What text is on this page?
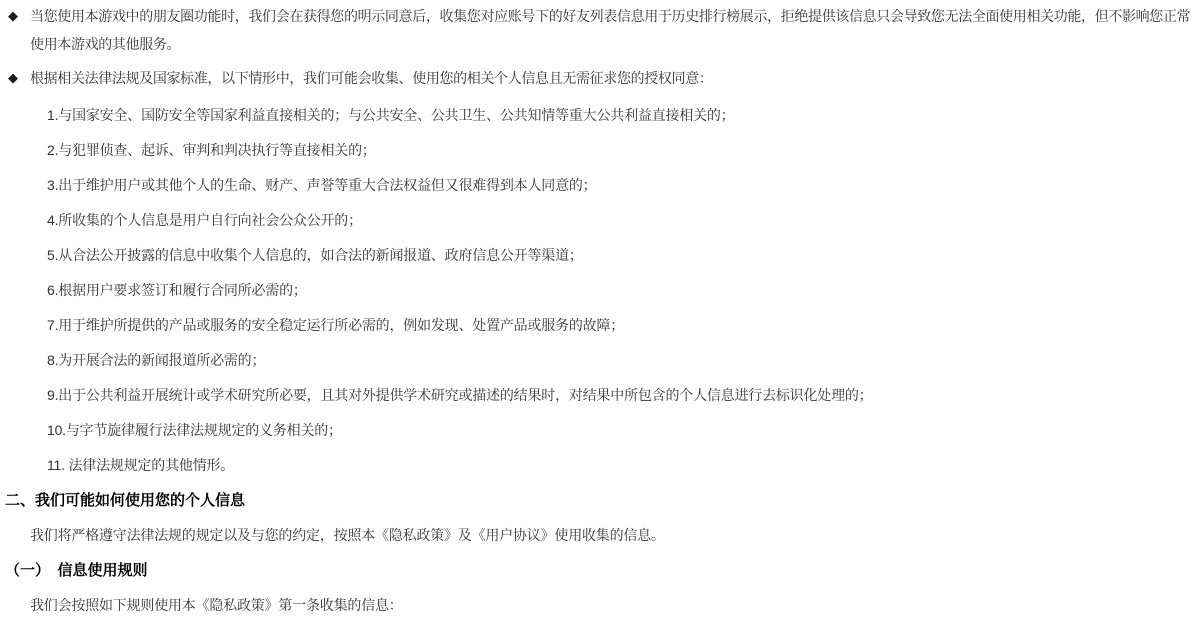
◆ 当您使用本游戏中的朋友圈功能时，我们会在获得您的明示同意后，收集您对应账号下的好友列表信息用于历史排行榜展示，拒绝提供该信息只会导致您无法全面使用相关功能，但不影响您正常使用本游戏的其他服务。
◆ 根据相关法律法规及国家标准，以下情形中，我们可能会收集、使用您的相关个人信息且无需征求您的授权同意：
1.与国家安全、国防安全等国家利益直接相关的；与公共安全、公共卫生、公共知情等重大公共利益直接相关的；
2.与犯罪侦查、起诉、审判和判决执行等直接相关的；
3.出于维护用户或其他个人的生命、财产、声誉等重大合法权益但又很难得到本人同意的；
4.所收集的个人信息是用户自行向社会公众公开的；
5.从合法公开披露的信息中收集个人信息的，如合法的新闻报道、政府信息公开等渠道；
6.根据用户要求签订和履行合同所必需的；
7.用于维护所提供的产品或服务的安全稳定运行所必需的，例如发现、处置产品或服务的故障；
8.为开展合法的新闻报道所必需的；
9.出于公共利益开展统计或学术研究所必要，且其对外提供学术研究或描述的结果时，对结果中所包含的个人信息进行去标识化处理的；
10.与字节旋律履行法律法规规定的义务相关的；
11. 法律法规规定的其他情形。
二、我们可能如何使用您的个人信息
我们将严格遵守法律法规的规定以及与您的约定，按照本《隐私政策》及《用户协议》使用收集的信息。
（一）　信息使用规则
我们会按照如下规则使用本《隐私政策》第一条收集的信息：
